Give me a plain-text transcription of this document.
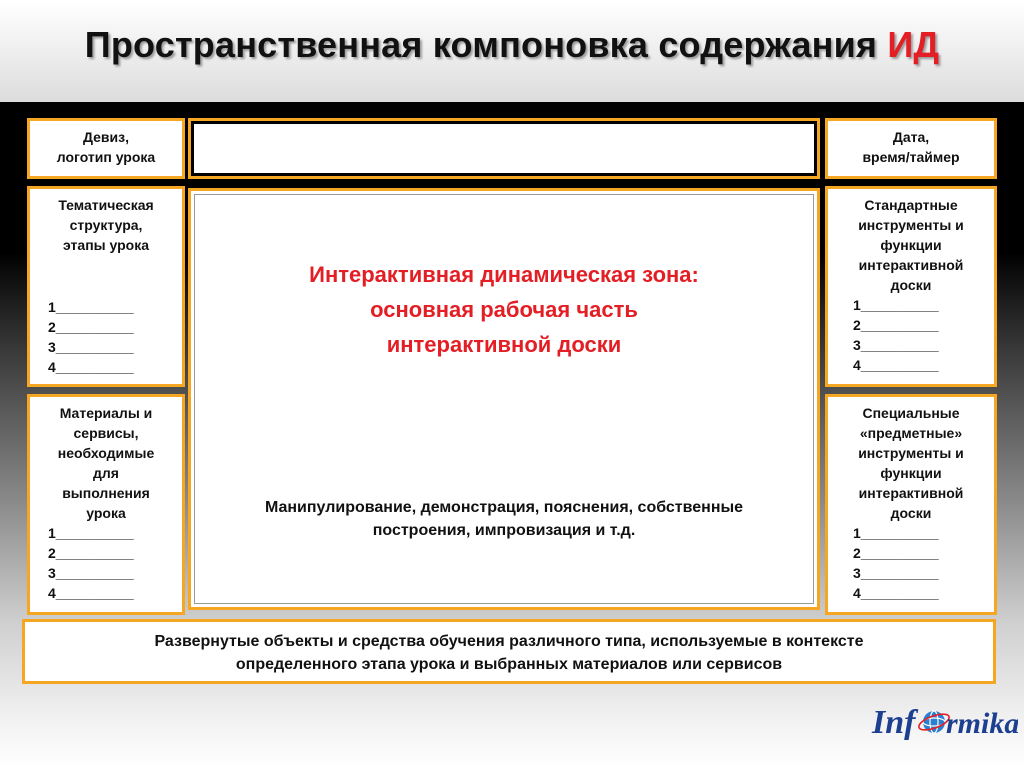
Пространственная компоновка содержания ИД
Девиз,
логотип урока
Дата,
время/таймер
Тематическая
структура,
этапы урока
1__________
2__________
3__________
4__________
Стандартные
инструменты и
функции
интерактивной
доски
1__________
2__________
3__________
4__________
Материалы и
сервисы,
необходимые
для
выполнения
урока
1__________
2__________
3__________
4__________
Специальные
«предметные»
инструменты и
функции
интерактивной
доски
1__________
2__________
3__________
4__________
Интерактивная динамическая зона:
основная рабочая часть
интерактивной доски
Манипулирование, демонстрация, пояснения, собственные
построения, импровизация и т.д.
Развернутые объекты и средства обучения различного типа, используемые в контексте
определенного этапа урока и выбранных материалов или сервисов
Inf rmika
